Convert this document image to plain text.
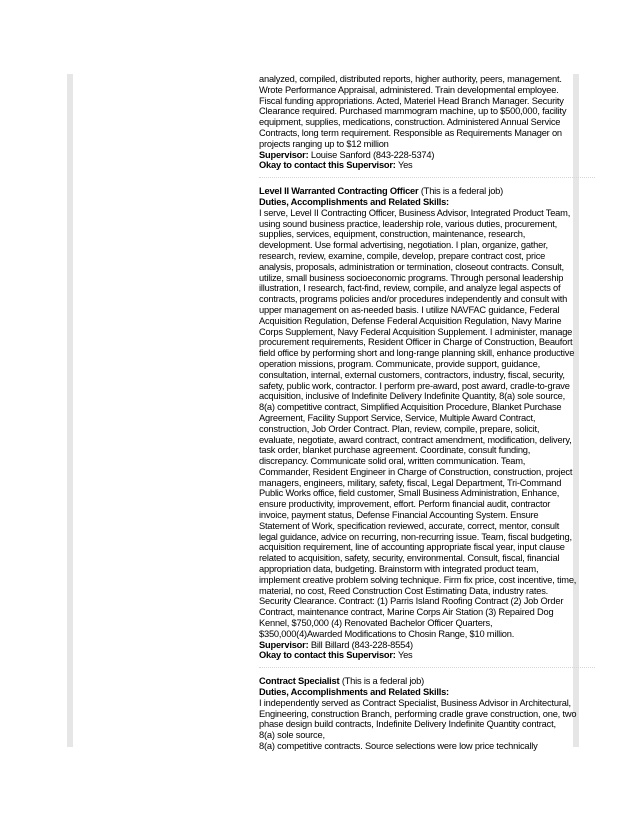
analyzed, compiled, distributed reports, higher authority, peers, management.
Wrote Performance Appraisal, administered. Train developmental employee.
Fiscal funding appropriations. Acted, Materiel Head Branch Manager. Security
Clearance required. Purchased mammogram machine, up to $500,000, facility
equipment, supplies, medications, construction. Administered Annual Service
Contracts, long term requirement. Responsible as Requirements Manager on
projects ranging up to $12 million
Supervisor: Louise Sanford (843-228-5374)
Okay to contact this Supervisor: Yes
Level II Warranted Contracting Officer (This is a federal job)
Duties, Accomplishments and Related Skills:
I serve, Level II Contracting Officer, Business Advisor, Integrated Product Team,
using sound business practice, leadership role, various duties, procurement,
supplies, services, equipment, construction, maintenance, research,
development. Use formal advertising, negotiation. I plan, organize, gather,
research, review, examine, compile, develop, prepare contract cost, price
analysis, proposals, administration or termination, closeout contracts. Consult,
utilize, small business socioeconomic programs. Through personal leadership
illustration, I research, fact-find, review, compile, and analyze legal aspects of
contracts, programs policies and/or procedures independently and consult with
upper management on as-needed basis. I utilize NAVFAC guidance, Federal
Acquisition Regulation, Defense Federal Acquisition Regulation, Navy Marine
Corps Supplement, Navy Federal Acquisition Supplement. I administer, manage
procurement requirements, Resident Officer in Charge of Construction, Beaufort
field office by performing short and long-range planning skill, enhance productive
operation missions, program. Communicate, provide support, guidance,
consultation, internal, external customers, contractors, industry, fiscal, security,
safety, public work, contractor. I perform pre-award, post award, cradle-to-grave
acquisition, inclusive of Indefinite Delivery Indefinite Quantity, 8(a) sole source,
8(a) competitive contract, Simplified Acquisition Procedure, Blanket Purchase
Agreement, Facility Support Service, Service, Multiple Award Contract,
construction, Job Order Contract. Plan, review, compile, prepare, solicit,
evaluate, negotiate, award contract, contract amendment, modification, delivery,
task order, blanket purchase agreement. Coordinate, consult funding,
discrepancy. Communicate solid oral, written communication. Team,
Commander, Resident Engineer in Charge of Construction, construction, project
managers, engineers, military, safety, fiscal, Legal Department, Tri-Command
Public Works office, field customer, Small Business Administration, Enhance,
ensure productivity, improvement, effort. Perform financial audit, contractor
invoice, payment status, Defense Financial Accounting System. Ensure
Statement of Work, specification reviewed, accurate, correct, mentor, consult
legal guidance, advice on recurring, non-recurring issue. Team, fiscal budgeting,
acquisition requirement, line of accounting appropriate fiscal year, input clause
related to acquisition, safety, security, environmental. Consult, fiscal, financial
appropriation data, budgeting. Brainstorm with integrated product team,
implement creative problem solving technique. Firm fix price, cost incentive, time,
material, no cost, Reed Construction Cost Estimating Data, industry rates.
Security Clearance. Contract: (1) Parris Island Roofing Contract (2) Job Order
Contract, maintenance contract, Marine Corps Air Station (3) Repaired Dog
Kennel, $750,000 (4) Renovated Bachelor Officer Quarters,
$350,000(4)Awarded Modifications to Chosin Range, $10 million.
Supervisor: Bill Billard (843-228-8554)
Okay to contact this Supervisor: Yes
Contract Specialist (This is a federal job)
Duties, Accomplishments and Related Skills:
I independently served as Contract Specialist, Business Advisor in Architectural,
Engineering, construction Branch, performing cradle grave construction, one, two
phase design build contracts, Indefinite Delivery Indefinite Quantity contract,
8(a) sole source,
8(a) competitive contracts. Source selections were low price technically
